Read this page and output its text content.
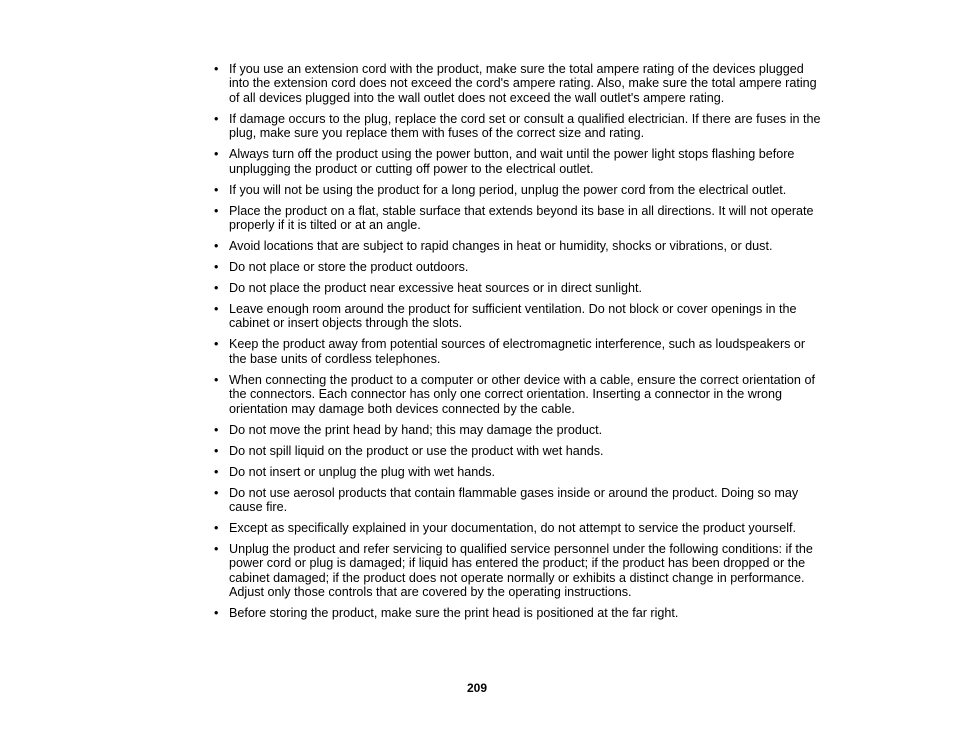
• If you use an extension cord with the product, make sure the total ampere rating of the devices plugged into the extension cord does not exceed the cord's ampere rating. Also, make sure the total ampere rating of all devices plugged into the wall outlet does not exceed the wall outlet's ampere rating.
• If damage occurs to the plug, replace the cord set or consult a qualified electrician. If there are fuses in the plug, make sure you replace them with fuses of the correct size and rating.
• Always turn off the product using the power button, and wait until the power light stops flashing before unplugging the product or cutting off power to the electrical outlet.
• If you will not be using the product for a long period, unplug the power cord from the electrical outlet.
• Place the product on a flat, stable surface that extends beyond its base in all directions. It will not operate properly if it is tilted or at an angle.
• Avoid locations that are subject to rapid changes in heat or humidity, shocks or vibrations, or dust.
• Do not place or store the product outdoors.
• Do not place the product near excessive heat sources or in direct sunlight.
• Leave enough room around the product for sufficient ventilation. Do not block or cover openings in the cabinet or insert objects through the slots.
• Keep the product away from potential sources of electromagnetic interference, such as loudspeakers or the base units of cordless telephones.
• When connecting the product to a computer or other device with a cable, ensure the correct orientation of the connectors. Each connector has only one correct orientation. Inserting a connector in the wrong orientation may damage both devices connected by the cable.
• Do not move the print head by hand; this may damage the product.
• Do not spill liquid on the product or use the product with wet hands.
• Do not insert or unplug the plug with wet hands.
• Do not use aerosol products that contain flammable gases inside or around the product. Doing so may cause fire.
• Except as specifically explained in your documentation, do not attempt to service the product yourself.
• Unplug the product and refer servicing to qualified service personnel under the following conditions: if the power cord or plug is damaged; if liquid has entered the product; if the product has been dropped or the cabinet damaged; if the product does not operate normally or exhibits a distinct change in performance. Adjust only those controls that are covered by the operating instructions.
• Before storing the product, make sure the print head is positioned at the far right.
209
